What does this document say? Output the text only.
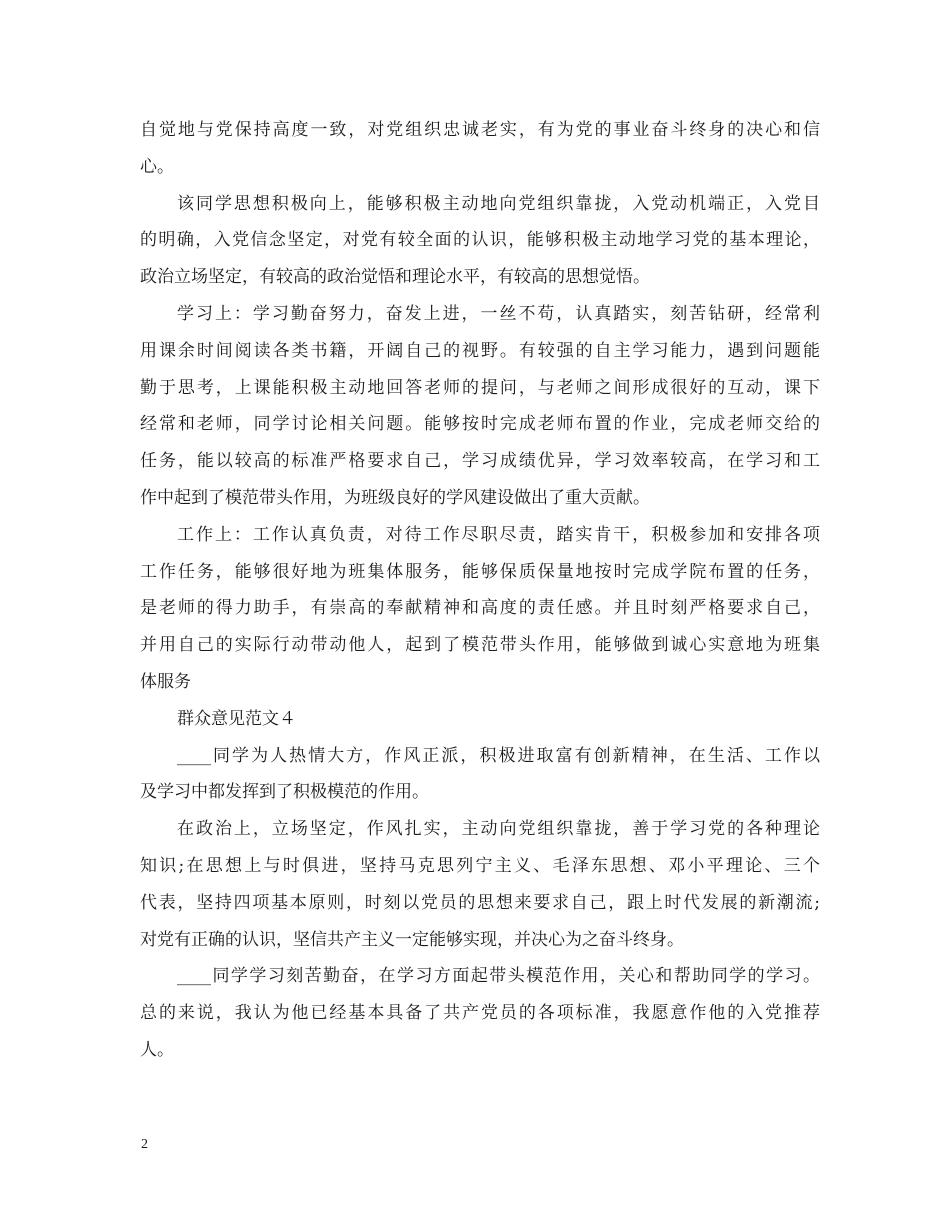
自觉地与党保持高度一致，对党组织忠诚老实，有为党的事业奋斗终身的决心和信
心。
该同学思想积极向上，能够积极主动地向党组织靠拢，入党动机端正，入党目
的明确，入党信念坚定，对党有较全面的认识，能够积极主动地学习党的基本理论，
政治立场坚定，有较高的政治觉悟和理论水平，有较高的思想觉悟。
学习上：学习勤奋努力，奋发上进，一丝不苟，认真踏实，刻苦钻研，经常利
用课余时间阅读各类书籍，开阔自己的视野。有较强的自主学习能力，遇到问题能
勤于思考，上课能积极主动地回答老师的提问，与老师之间形成很好的互动，课下
经常和老师，同学讨论相关问题。能够按时完成老师布置的作业，完成老师交给的
任务，能以较高的标准严格要求自己，学习成绩优异，学习效率较高，在学习和工
作中起到了模范带头作用，为班级良好的学风建设做出了重大贡献。
工作上：工作认真负责，对待工作尽职尽责，踏实肯干，积极参加和安排各项
工作任务，能够很好地为班集体服务，能够保质保量地按时完成学院布置的任务，
是老师的得力助手，有崇高的奉献精神和高度的责任感。并且时刻严格要求自己，
并用自己的实际行动带动他人，起到了模范带头作用，能够做到诚心实意地为班集
体服务
群众意见范文４
____同学为人热情大方，作风正派，积极进取富有创新精神，在生活、工作以
及学习中都发挥到了积极模范的作用。
在政治上，立场坚定，作风扎实，主动向党组织靠拢，善于学习党的各种理论
知识;在思想上与时俱进，坚持马克思列宁主义、毛泽东思想、邓小平理论、三个
代表，坚持四项基本原则，时刻以党员的思想来要求自己，跟上时代发展的新潮流;
对党有正确的认识，坚信共产主义一定能够实现，并决心为之奋斗终身。
____同学学习刻苦勤奋，在学习方面起带头模范作用，关心和帮助同学的学习。
总的来说，我认为他已经基本具备了共产党员的各项标准，我愿意作他的入党推荐
人。
2
